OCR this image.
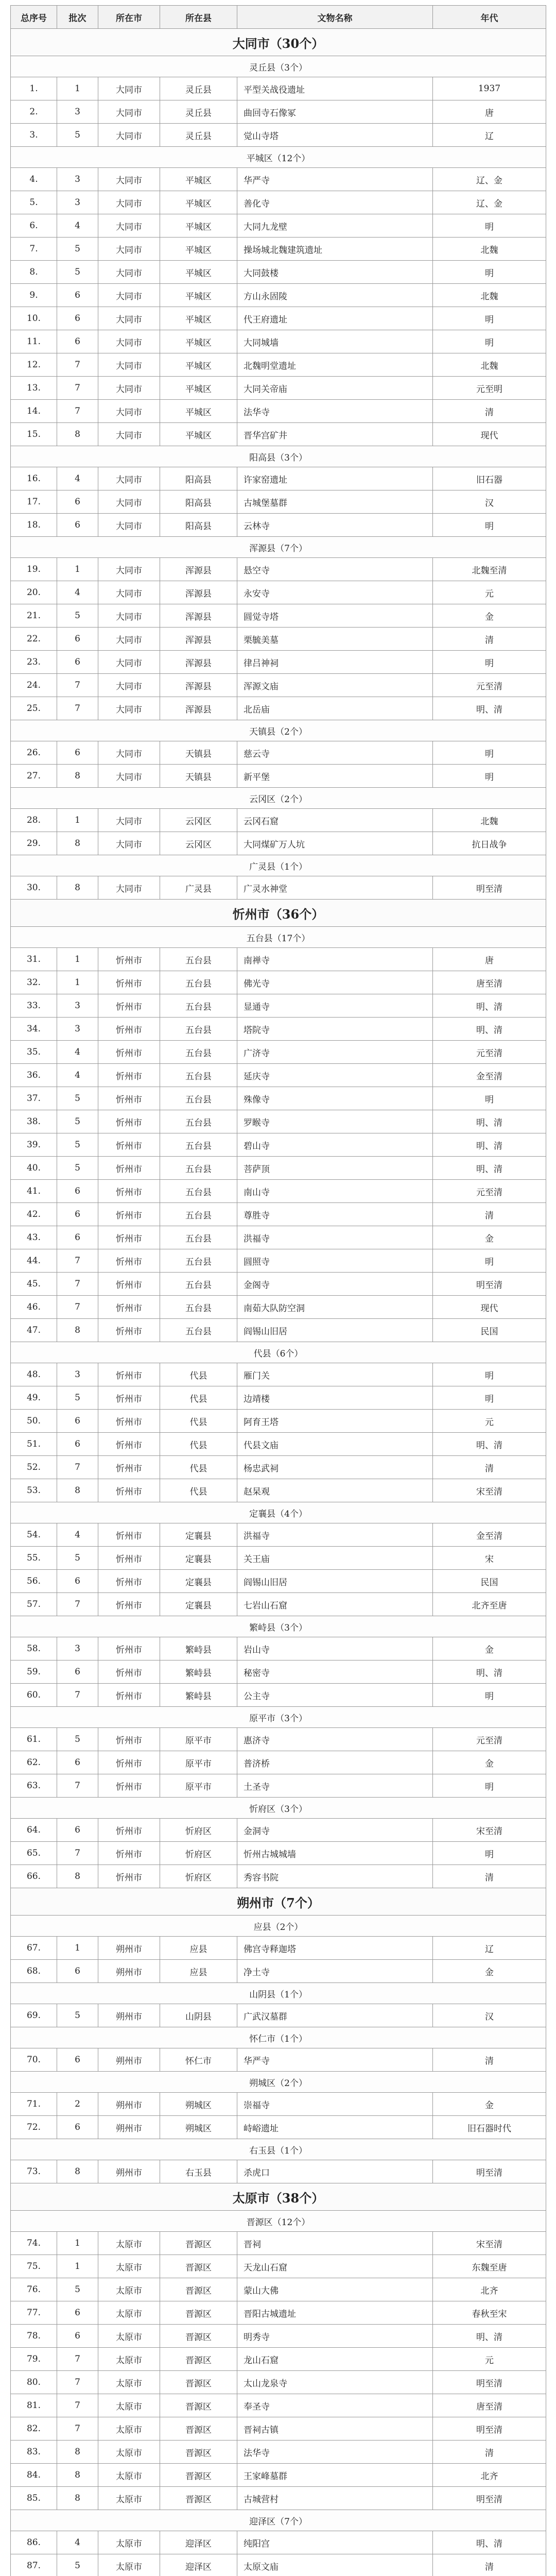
总序号	批次	所在市	所在县	文物名称	年代
大同市（30个）					
灵丘县（3个）					
1.	1	大同市	灵丘县	平型关战役遗址	1937
2.	3	大同市	灵丘县	曲回寺石像冢	唐
3.	5	大同市	灵丘县	觉山寺塔	辽
平城区（12个）					
4.	3	大同市	平城区	华严寺	辽、金
5.	3	大同市	平城区	善化寺	辽、金
6.	4	大同市	平城区	大同九龙壁	明
7.	5	大同市	平城区	操场城北魏建筑遗址	北魏
8.	5	大同市	平城区	大同鼓楼	明
9.	6	大同市	平城区	方山永固陵	北魏
10.	6	大同市	平城区	代王府遗址	明
11.	6	大同市	平城区	大同城墙	明
12.	7	大同市	平城区	北魏明堂遗址	北魏
13.	7	大同市	平城区	大同关帝庙	元至明
14.	7	大同市	平城区	法华寺	清
15.	8	大同市	平城区	晋华宫矿井	现代
阳高县（3个）					
16.	4	大同市	阳高县	许家窑遗址	旧石器
17.	6	大同市	阳高县	古城堡墓群	汉
18.	6	大同市	阳高县	云林寺	明
浑源县（7个）					
19.	1	大同市	浑源县	悬空寺	北魏至清
20.	4	大同市	浑源县	永安寺	元
21.	5	大同市	浑源县	圆觉寺塔	金
22.	6	大同市	浑源县	栗毓美墓	清
23.	6	大同市	浑源县	律吕神祠	明
24.	7	大同市	浑源县	浑源文庙	元至清
25.	7	大同市	浑源县	北岳庙	明、清
天镇县（2个）					
26.	6	大同市	天镇县	慈云寺	明
27.	8	大同市	天镇县	新平堡	明
云冈区（2个）					
28.	1	大同市	云冈区	云冈石窟	北魏
29.	8	大同市	云冈区	大同煤矿万人坑	抗日战争
广灵县（1个）					
30.	8	大同市	广灵县	广灵水神堂	明至清
忻州市（36个）					
五台县（17个）					
31.	1	忻州市	五台县	南禅寺	唐
32.	1	忻州市	五台县	佛光寺	唐至清
33.	3	忻州市	五台县	显通寺	明、清
34.	3	忻州市	五台县	塔院寺	明、清
35.	4	忻州市	五台县	广济寺	元至清
36.	4	忻州市	五台县	延庆寺	金至清
37.	5	忻州市	五台县	殊像寺	明
38.	5	忻州市	五台县	罗睺寺	明、清
39.	5	忻州市	五台县	碧山寺	明、清
40.	5	忻州市	五台县	菩萨顶	明、清
41.	6	忻州市	五台县	南山寺	元至清
42.	6	忻州市	五台县	尊胜寺	清
43.	6	忻州市	五台县	洪福寺	金
44.	7	忻州市	五台县	圆照寺	明
45.	7	忻州市	五台县	金阁寺	明至清
46.	7	忻州市	五台县	南茹大队防空洞	现代
47.	8	忻州市	五台县	阎锡山旧居	民国
代县（6个）					
48.	3	忻州市	代县	雁门关	明
49.	5	忻州市	代县	边靖楼	明
50.	6	忻州市	代县	阿育王塔	元
51.	6	忻州市	代县	代县文庙	明、清
52.	7	忻州市	代县	杨忠武祠	清
53.	8	忻州市	代县	赵杲观	宋至清
定襄县（4个）					
54.	4	忻州市	定襄县	洪福寺	金至清
55.	5	忻州市	定襄县	关王庙	宋
56.	6	忻州市	定襄县	阎锡山旧居	民国
57.	7	忻州市	定襄县	七岩山石窟	北齐至唐
繁峙县（3个）					
58.	3	忻州市	繁峙县	岩山寺	金
59.	6	忻州市	繁峙县	秘密寺	明、清
60.	7	忻州市	繁峙县	公主寺	明
原平市（3个）					
61.	5	忻州市	原平市	惠济寺	元至清
62.	6	忻州市	原平市	普济桥	金
63.	7	忻州市	原平市	土圣寺	明
忻府区（3个）					
64.	6	忻州市	忻府区	金洞寺	宋至清
65.	7	忻州市	忻府区	忻州古城城墙	明
66.	8	忻州市	忻府区	秀容书院	清
朔州市（7个）					
应县（2个）					
67.	1	朔州市	应县	佛宫寺释迦塔	辽
68.	6	朔州市	应县	净土寺	金
山阴县（1个）					
69.	5	朔州市	山阴县	广武汉墓群	汉
怀仁市（1个）					
70.	6	朔州市	怀仁市	华严寺	清
朔城区（2个）					
71.	2	朔州市	朔城区	崇福寺	金
72.	6	朔州市	朔城区	峙峪遗址	旧石器时代
右玉县（1个）					
73.	8	朔州市	右玉县	杀虎口	明至清
太原市（38个）					
晋源区（12个）					
74.	1	太原市	晋源区	晋祠	宋至清
75.	1	太原市	晋源区	天龙山石窟	东魏至唐
76.	5	太原市	晋源区	蒙山大佛	北齐
77.	6	太原市	晋源区	晋阳古城遗址	春秋至宋
78.	6	太原市	晋源区	明秀寺	明、清
79.	7	太原市	晋源区	龙山石窟	元
80.	7	太原市	晋源区	太山龙泉寺	明至清
81.	7	太原市	晋源区	奉圣寺	唐至清
82.	7	太原市	晋源区	晋祠古镇	明至清
83.	8	太原市	晋源区	法华寺	清
84.	8	太原市	晋源区	王家峰墓群	北齐
85.	8	太原市	晋源区	古城营村	明至清
迎泽区（7个）					
86.	4	太原市	迎泽区	纯阳宫	明、清
87.	5	太原市	迎泽区	太原文庙	清
